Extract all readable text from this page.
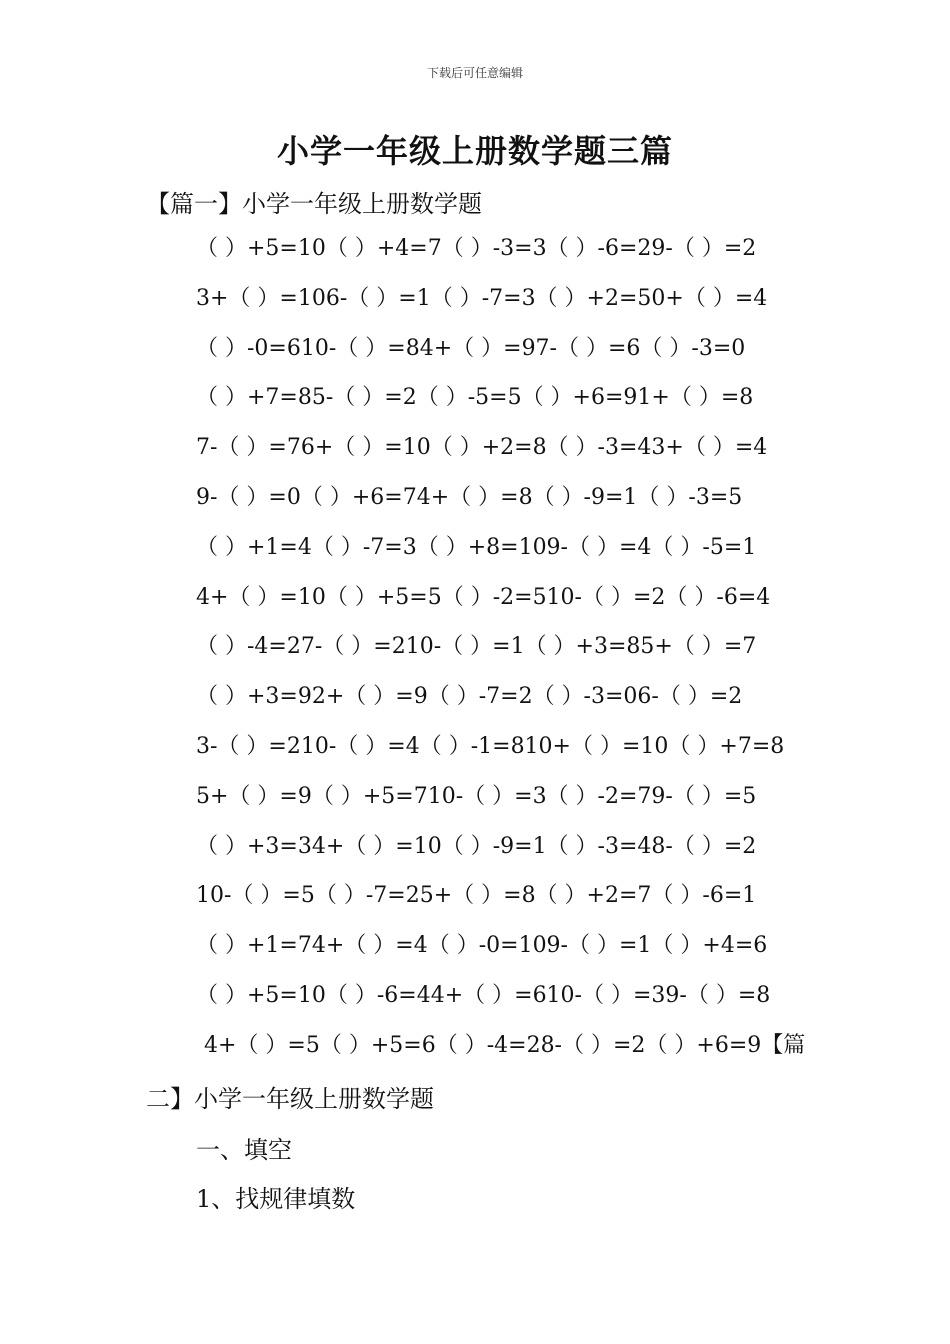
下载后可任意编辑
小学一年级上册数学题三篇
【篇一】小学一年级上册数学题
（ ）+5=10（ ）+4=7（ ）-3=3（ ）-6=29-（ ）=2
3+（ ）=106-（ ）=1（ ）-7=3（ ）+2=50+（ ）=4
（ ）-0=610-（ ）=84+（ ）=97-（ ）=6（ ）-3=0
（ ）+7=85-（ ）=2（ ）-5=5（ ）+6=91+（ ）=8
7-（ ）=76+（ ）=10（ ）+2=8（ ）-3=43+（ ）=4
9-（ ）=0（ ）+6=74+（ ）=8（ ）-9=1（ ）-3=5
（ ）+1=4（ ）-7=3（ ）+8=109-（ ）=4（ ）-5=1
4+（ ）=10（ ）+5=5（ ）-2=510-（ ）=2（ ）-6=4
（ ）-4=27-（ ）=210-（ ）=1（ ）+3=85+（ ）=7
（ ）+3=92+（ ）=9（ ）-7=2（ ）-3=06-（ ）=2
3-（ ）=210-（ ）=4（ ）-1=810+（ ）=10（ ）+7=8
5+（ ）=9（ ）+5=710-（ ）=3（ ）-2=79-（ ）=5
（ ）+3=34+（ ）=10（ ）-9=1（ ）-3=48-（ ）=2
10-（ ）=5（ ）-7=25+（ ）=8（ ）+2=7（ ）-6=1
（ ）+1=74+（ ）=4（ ）-0=109-（ ）=1（ ）+4=6
（ ）+5=10（ ）-6=44+（ ）=610-（ ）=39-（ ）=8
4+（ ）=5（ ）+5=6（ ）-4=28-（ ）=2（ ）+6=9【篇
二】小学一年级上册数学题
一、填空
1、找规律填数
